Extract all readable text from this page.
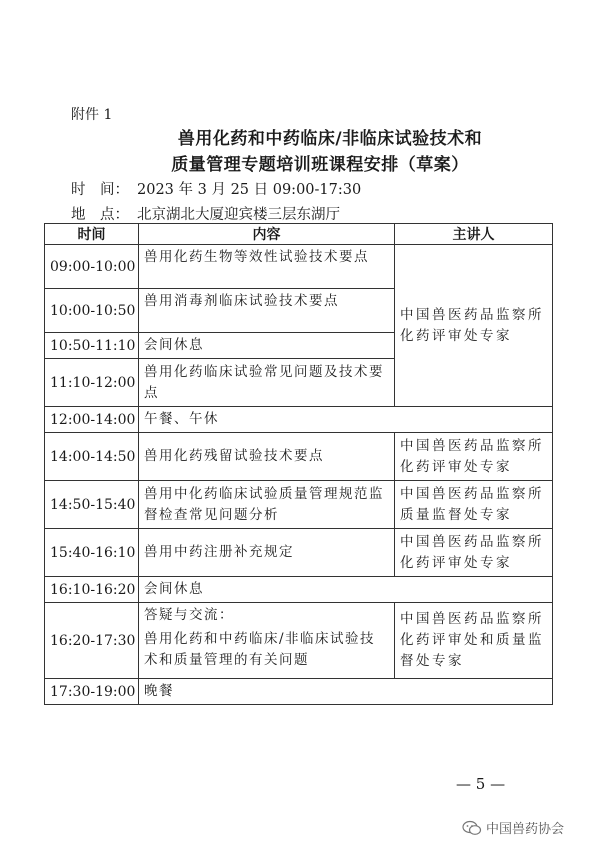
附件 1
兽用化药和中药临床/非临床试验技术和
质量管理专题培训班课程安排（草案）
时　间： 2023 年 3 月 25 日 09:00-17:30
地　点： 北京湖北大厦迎宾楼三层东湖厅
时间	内容	主讲人
09:00-10:00	兽用化药生物等效性试验技术要点	中国兽医药品监察所化药评审处专家
10:00-10:50	兽用消毒剂临床试验技术要点	

10:50-11:10	会间休息	

11:10-12:00	兽用化药临床试验常见问题及技术要点	

12:00-14:00	午餐、午休	

14:00-14:50	兽用化药残留试验技术要点	中国兽医药品监察所化药评审处专家
14:50-15:40	兽用中化药临床试验质量管理规范监督检查常见问题分析	中国兽医药品监察所质量监督处专家
15:40-16:10	兽用中药注册补充规定	中国兽医药品监察所化药评审处专家
16:10-16:20	会间休息	

16:20-17:30	答疑与交流：
兽用化药和中药临床/非临床试验技术和质量管理的有关问题	中国兽医药品监察所化药评审处和质量监督处专家
17:30-19:00	晚餐	
— 5 —
中国兽药协会
